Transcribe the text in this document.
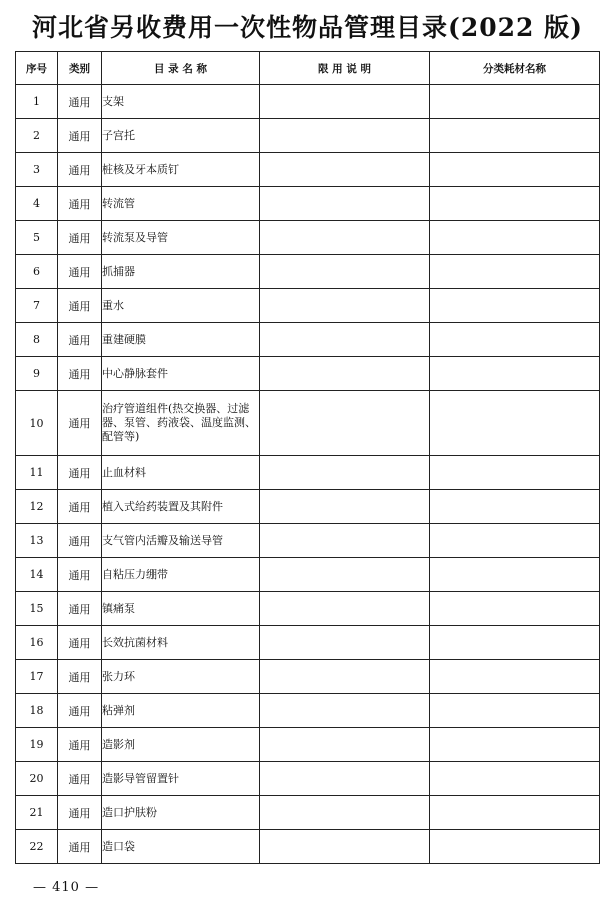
河北省另收费用一次性物品管理目录(2022 版)
序号	类别	目 录 名 称	限 用 说 明	分类耗材名称
1	通用	支架		
2	通用	子宫托		
3	通用	桩核及牙本质钉		
4	通用	转流管		
5	通用	转流泵及导管		
6	通用	抓捕器		
7	通用	重水		
8	通用	重建硬膜		
9	通用	中心静脉套件		
10	通用	治疗管道组件(热交换器、过滤器、泵管、药液袋、温度监测、配管等)		
11	通用	止血材料		
12	通用	植入式给药装置及其附件		
13	通用	支气管内活瓣及输送导管		
14	通用	自粘压力绷带		
15	通用	镇痛泵		
16	通用	长效抗菌材料		
17	通用	张力环		
18	通用	粘弹剂		
19	通用	造影剂		
20	通用	造影导管留置针		
21	通用	造口护肤粉		
22	通用	造口袋		
— 410 —
